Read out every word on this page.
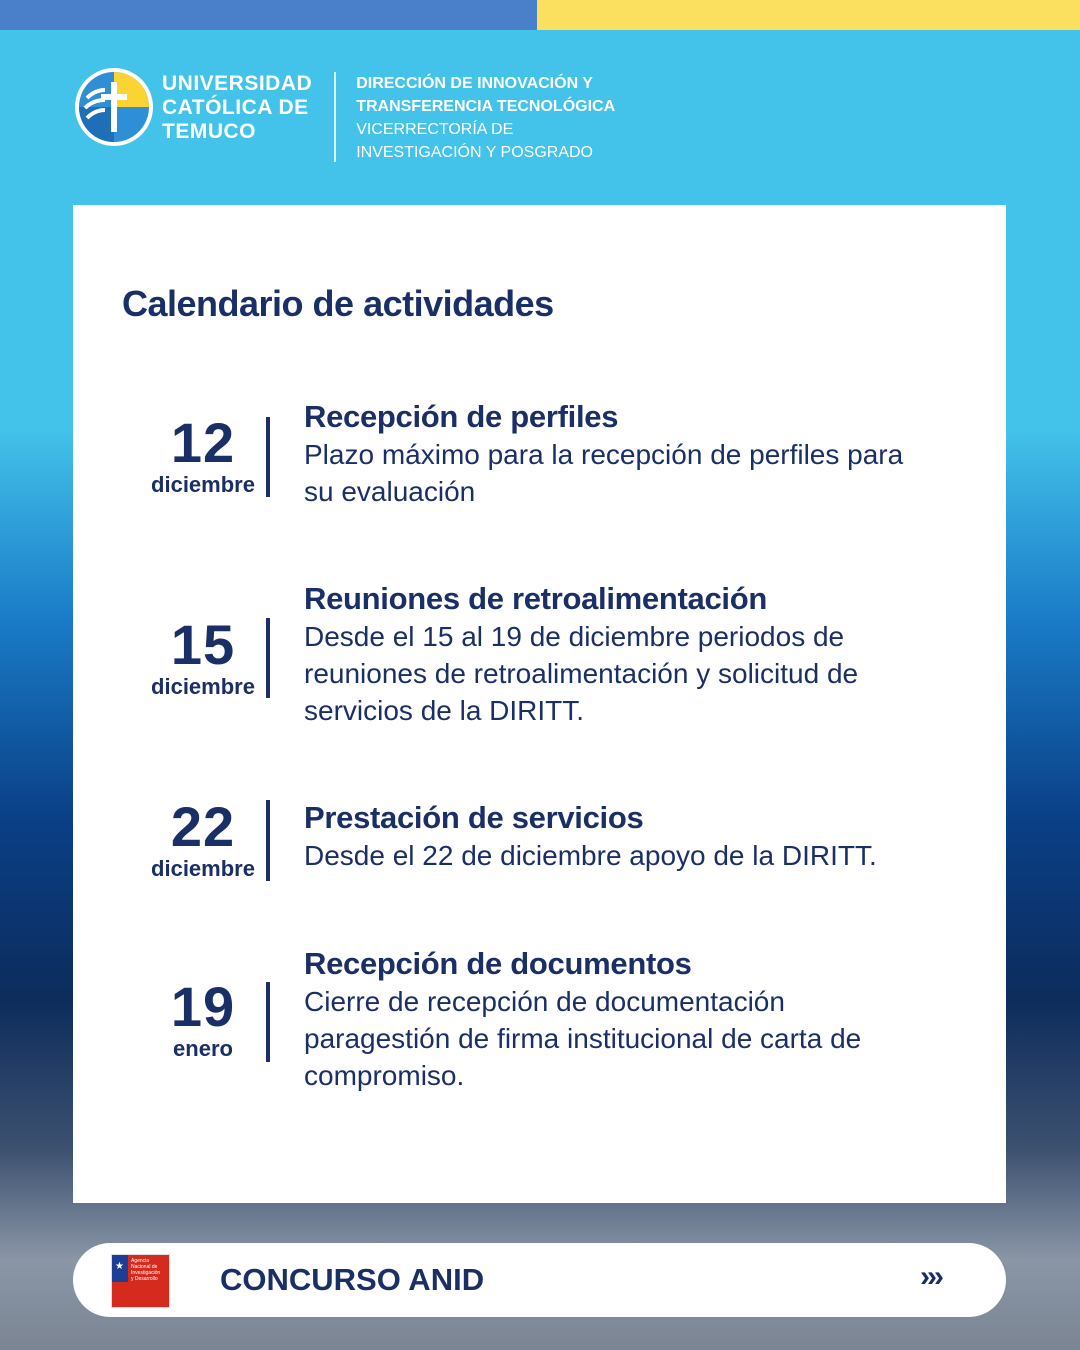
UNIVERSIDAD
CATÓLICA DE
TEMUCO
DIRECCIÓN DE INNOVACIÓN Y
TRANSFERENCIA TECNOLÓGICA
VICERRECTORÍA DE
INVESTIGACIÓN Y POSGRADO
Calendario de actividades
12
diciembre
Recepción de perfiles
Plazo máximo para la recepción de perfiles para
su evaluación
15
diciembre
Reuniones de retroalimentación
Desde el 15 al 19 de diciembre periodos de
reuniones de retroalimentación y solicitud de
servicios de la DIRITT.
22
diciembre
Prestación de servicios
Desde el 22 de diciembre apoyo de la DIRITT.
19
enero
Recepción de documentos
Cierre de recepción de documentación
paragestión de firma institucional de carta de
compromiso.
★ Agencia
Nacional de
Investigación
y Desarrollo	CONCURSO ANID	›››
